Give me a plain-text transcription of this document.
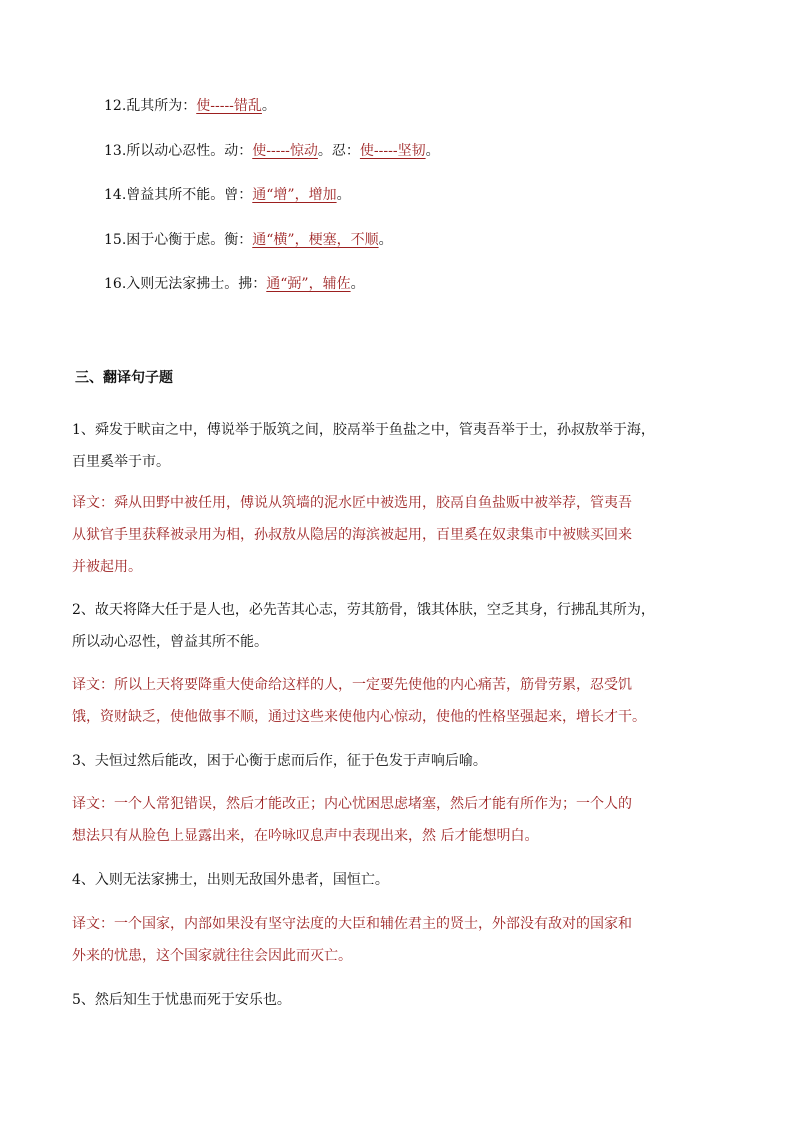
12.乱其所为：使-----错乱。
13.所以动心忍性。动：使-----惊动。忍：使-----坚韧。
14.曾益其所不能。曾：通“增”，增加。
15.困于心衡于虑。衡：通“横”，梗塞，不顺。
16.入则无法家拂士。拂：通“弼”，辅佐。
三、翻译句子题
1、舜发于畎亩之中，傅说举于版筑之间，胶鬲举于鱼盐之中，管夷吾举于士，孙叔敖举于海，
百里奚举于市。
译文：舜从田野中被任用，傅说从筑墙的泥水匠中被选用，胶鬲自鱼盐贩中被举荐，管夷吾
从狱官手里获释被录用为相，孙叔敖从隐居的海滨被起用，百里奚在奴隶集市中被赎买回来
并被起用。
2、故天将降大任于是人也，必先苦其心志，劳其筋骨，饿其体肤，空乏其身，行拂乱其所为，
所以动心忍性，曾益其所不能。
译文：所以上天将要降重大使命给这样的人，一定要先使他的内心痛苦，筋骨劳累，忍受饥
饿，资财缺乏，使他做事不顺，通过这些来使他内心惊动，使他的性格坚强起来，增长才干。
3、夫恒过然后能改，困于心衡于虑而后作，征于色发于声响后喻。
译文：一个人常犯错误，然后才能改正；内心忧困思虑堵塞，然后才能有所作为；一个人的
想法只有从脸色上显露出来，在吟咏叹息声中表现出来，然 后才能想明白。
4、入则无法家拂士，出则无敌国外患者，国恒亡。
译文：一个国家，内部如果没有坚守法度的大臣和辅佐君主的贤士，外部没有敌对的国家和
外来的忧患，这个国家就往往会因此而灭亡。
5、然后知生于忧患而死于安乐也。
